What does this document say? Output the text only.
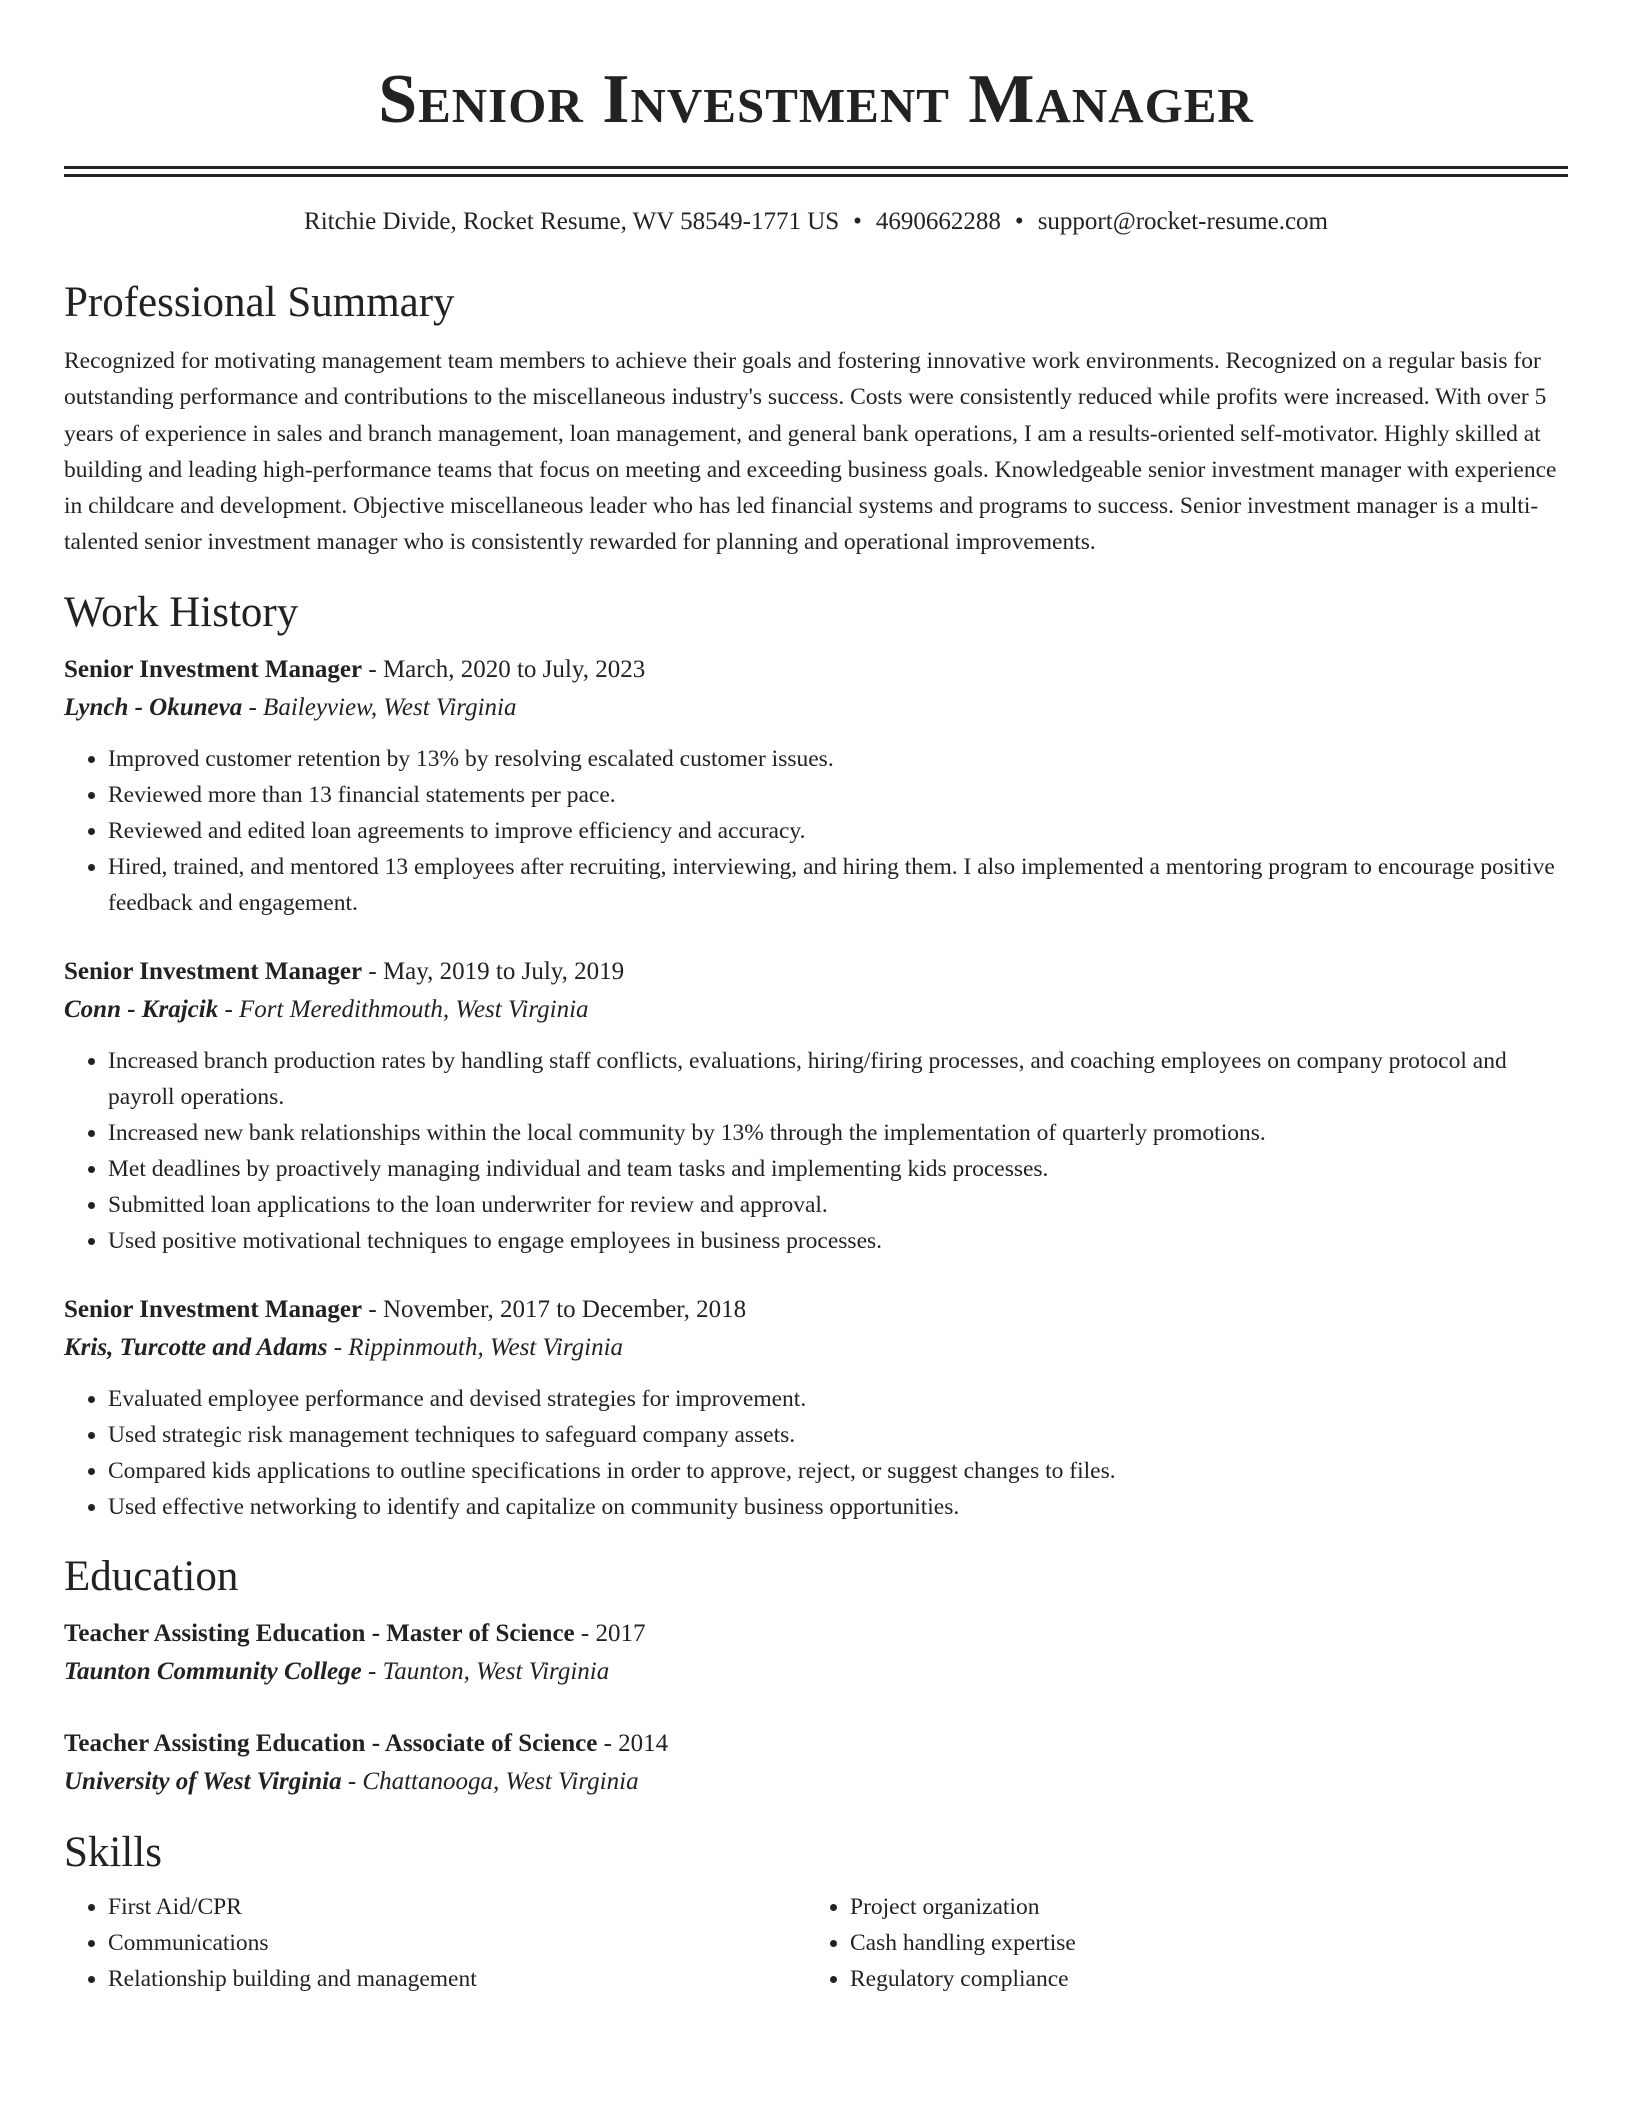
Senior Investment Manager
Ritchie Divide, Rocket Resume, WV 58549-1771 US • 4690662288 • support@rocket-resume.com
Professional Summary

Recognized for motivating management team members to achieve their goals and fostering innovative work environments. Recognized on a regular basis for outstanding performance and contributions to the miscellaneous industry's success. Costs were consistently reduced while profits were increased. With over 5 years of experience in sales and branch management, loan management, and general bank operations, I am a results-oriented self-motivator. Highly skilled at building and leading high-performance teams that focus on meeting and exceeding business goals. Knowledgeable senior investment manager with experience in childcare and development. Objective miscellaneous leader who has led financial systems and programs to success. Senior investment manager is a multi-talented senior investment manager who is consistently rewarded for planning and operational improvements.

Work History
Senior Investment Manager - March, 2020 to July, 2023
Lynch - Okuneva - Baileyview, West Virginia
• Improved customer retention by 13% by resolving escalated customer issues.
• Reviewed more than 13 financial statements per pace.
• Reviewed and edited loan agreements to improve efficiency and accuracy.
• Hired, trained, and mentored 13 employees after recruiting, interviewing, and hiring them. I also implemented a mentoring program to encourage positive feedback and engagement.
Senior Investment Manager - May, 2019 to July, 2019
Conn - Krajcik - Fort Meredithmouth, West Virginia
• Increased branch production rates by handling staff conflicts, evaluations, hiring/firing processes, and coaching employees on company protocol and payroll operations.
• Increased new bank relationships within the local community by 13% through the implementation of quarterly promotions.
• Met deadlines by proactively managing individual and team tasks and implementing kids processes.
• Submitted loan applications to the loan underwriter for review and approval.
• Used positive motivational techniques to engage employees in business processes.
Senior Investment Manager - November, 2017 to December, 2018
Kris, Turcotte and Adams - Rippinmouth, West Virginia
• Evaluated employee performance and devised strategies for improvement.
• Used strategic risk management techniques to safeguard company assets.
• Compared kids applications to outline specifications in order to approve, reject, or suggest changes to files.
• Used effective networking to identify and capitalize on community business opportunities.
Education
Teacher Assisting Education - Master of Science - 2017
Taunton Community College - Taunton, West Virginia
Teacher Assisting Education - Associate of Science - 2014
University of West Virginia - Chattanooga, West Virginia
Skills
• First Aid/CPR
• Communications
• Relationship building and management
• Project organization
• Cash handling expertise
• Regulatory compliance
